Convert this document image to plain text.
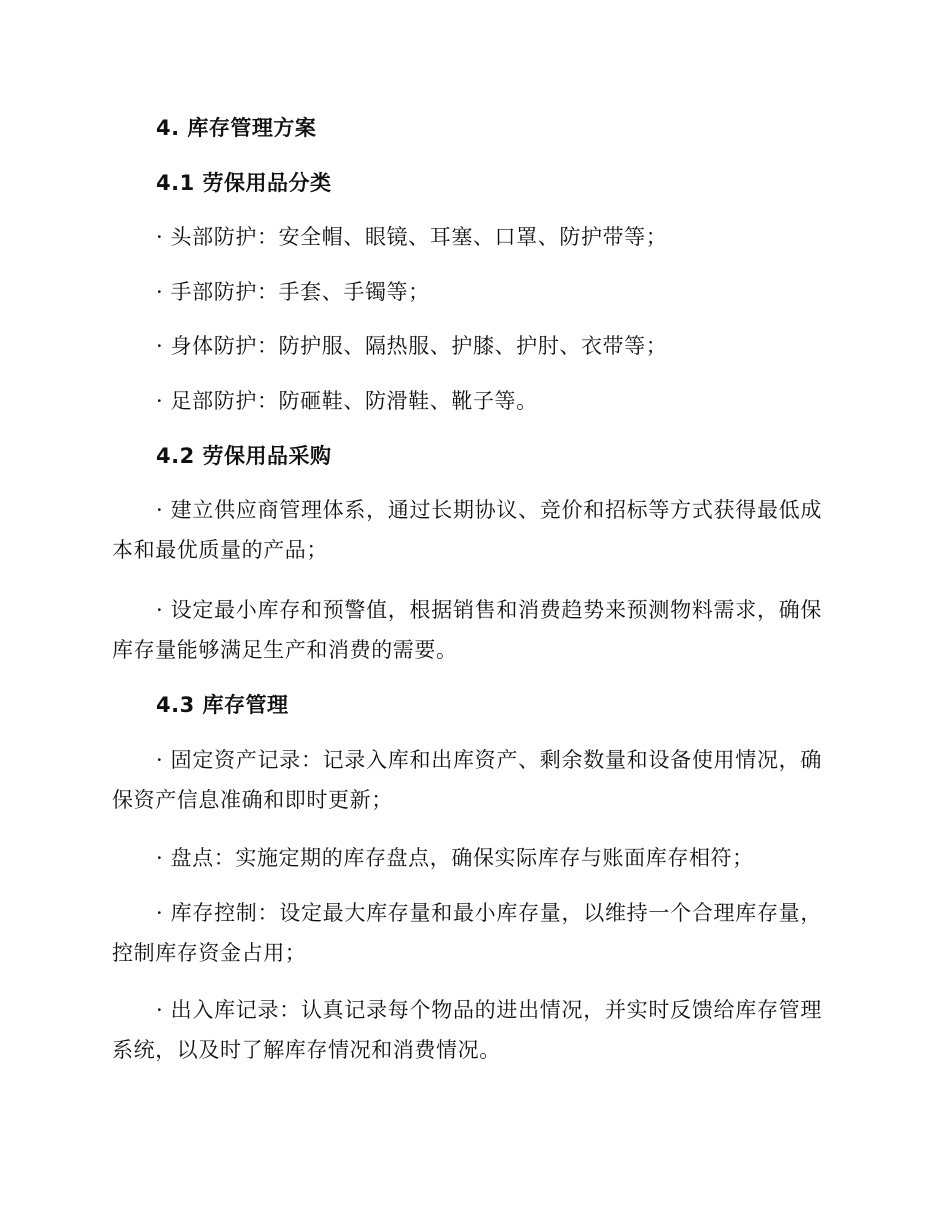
4. 库存管理方案
4.1 劳保用品分类
· 头部防护：安全帽、眼镜、耳塞、口罩、防护带等；
· 手部防护：手套、手镯等；
· 身体防护：防护服、隔热服、护膝、护肘、衣带等；
· 足部防护：防砸鞋、防滑鞋、靴子等。
4.2 劳保用品采购
· 建立供应商管理体系，通过长期协议、竞价和招标等方式获得最低成本和最优质量的产品；
· 设定最小库存和预警值，根据销售和消费趋势来预测物料需求，确保库存量能够满足生产和消费的需要。
4.3 库存管理
· 固定资产记录：记录入库和出库资产、剩余数量和设备使用情况，确保资产信息准确和即时更新；
· 盘点：实施定期的库存盘点，确保实际库存与账面库存相符；
· 库存控制：设定最大库存量和最小库存量，以维持一个合理库存量，控制库存资金占用；
· 出入库记录：认真记录每个物品的进出情况，并实时反馈给库存管理系统，以及时了解库存情况和消费情况。
